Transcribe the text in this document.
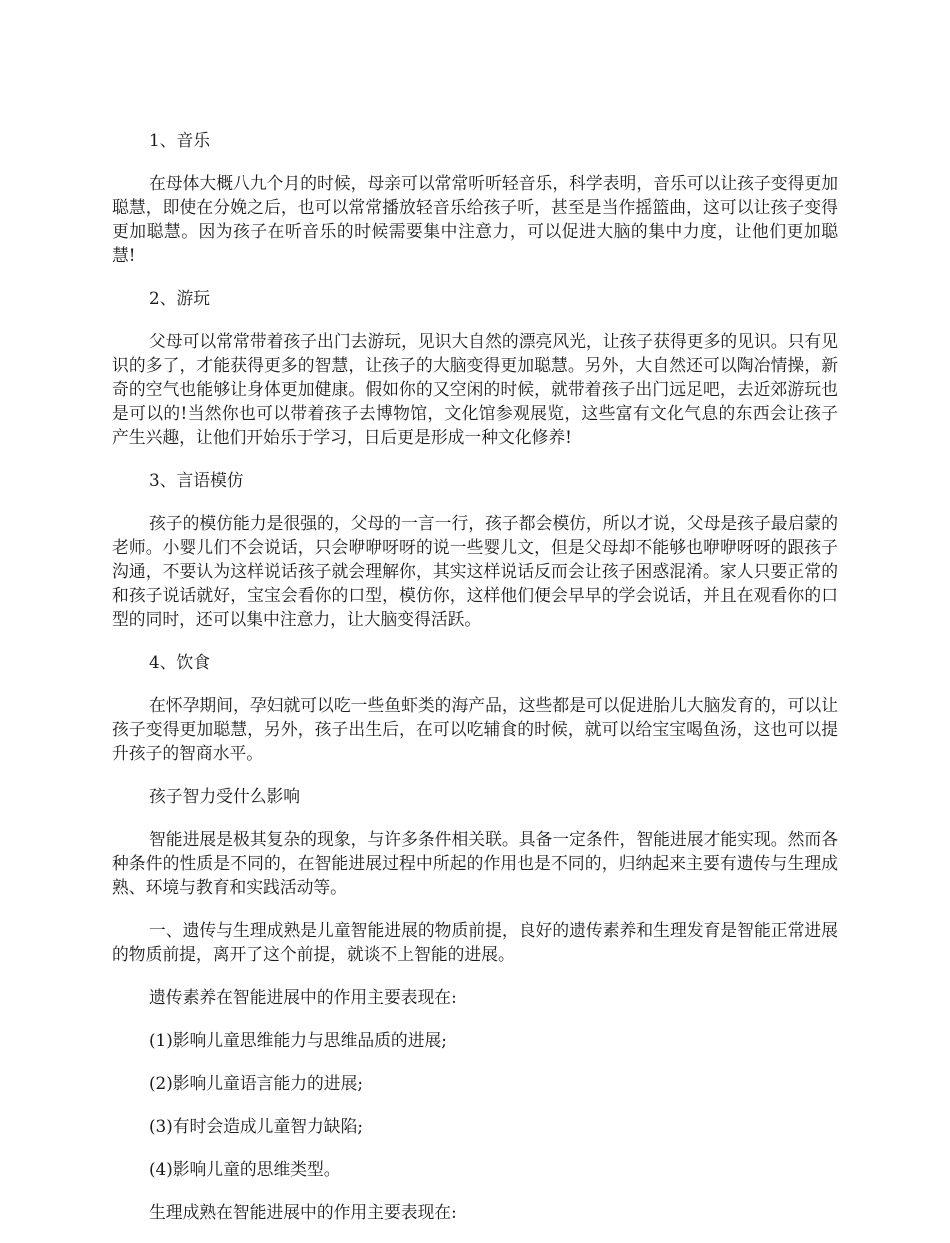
1、音乐

在母体大概八九个月的时候，母亲可以常常听听轻音乐，科学表明，音乐可以让孩子变得更加聪慧，即使在分娩之后，也可以常常播放轻音乐给孩子听，甚至是当作摇篮曲，这可以让孩子变得更加聪慧。因为孩子在听音乐的时候需要集中注意力，可以促进大脑的集中力度，让他们更加聪慧!

2、游玩

父母可以常常带着孩子出门去游玩，见识大自然的漂亮风光，让孩子获得更多的见识。只有见识的多了，才能获得更多的智慧，让孩子的大脑变得更加聪慧。另外，大自然还可以陶冶情操，新奇的空气也能够让身体更加健康。假如你的又空闲的时候，就带着孩子出门远足吧，去近郊游玩也是可以的!当然你也可以带着孩子去博物馆，文化馆参观展览，这些富有文化气息的东西会让孩子产生兴趣，让他们开始乐于学习，日后更是形成一种文化修养!

3、言语模仿

孩子的模仿能力是很强的，父母的一言一行，孩子都会模仿，所以才说，父母是孩子最启蒙的老师。小婴儿们不会说话，只会咿咿呀呀的说一些婴儿文，但是父母却不能够也咿咿呀呀的跟孩子沟通，不要认为这样说话孩子就会理解你，其实这样说话反而会让孩子困惑混淆。家人只要正常的和孩子说话就好，宝宝会看你的口型，模仿你，这样他们便会早早的学会说话，并且在观看你的口型的同时，还可以集中注意力，让大脑变得活跃。

4、饮食

在怀孕期间，孕妇就可以吃一些鱼虾类的海产品，这些都是可以促进胎儿大脑发育的，可以让孩子变得更加聪慧，另外，孩子出生后，在可以吃辅食的时候，就可以给宝宝喝鱼汤，这也可以提升孩子的智商水平。

孩子智力受什么影响

智能进展是极其复杂的现象，与许多条件相关联。具备一定条件，智能进展才能实现。然而各种条件的性质是不同的，在智能进展过程中所起的作用也是不同的，归纳起来主要有遗传与生理成熟、环境与教育和实践活动等。

一、遗传与生理成熟是儿童智能进展的物质前提，良好的遗传素养和生理发育是智能正常进展的物质前提，离开了这个前提，就谈不上智能的进展。

遗传素养在智能进展中的作用主要表现在:

(1)影响儿童思维能力与思维品质的进展;

(2)影响儿童语言能力的进展;

(3)有时会造成儿童智力缺陷;

(4)影响儿童的思维类型。

生理成熟在智能进展中的作用主要表现在:
